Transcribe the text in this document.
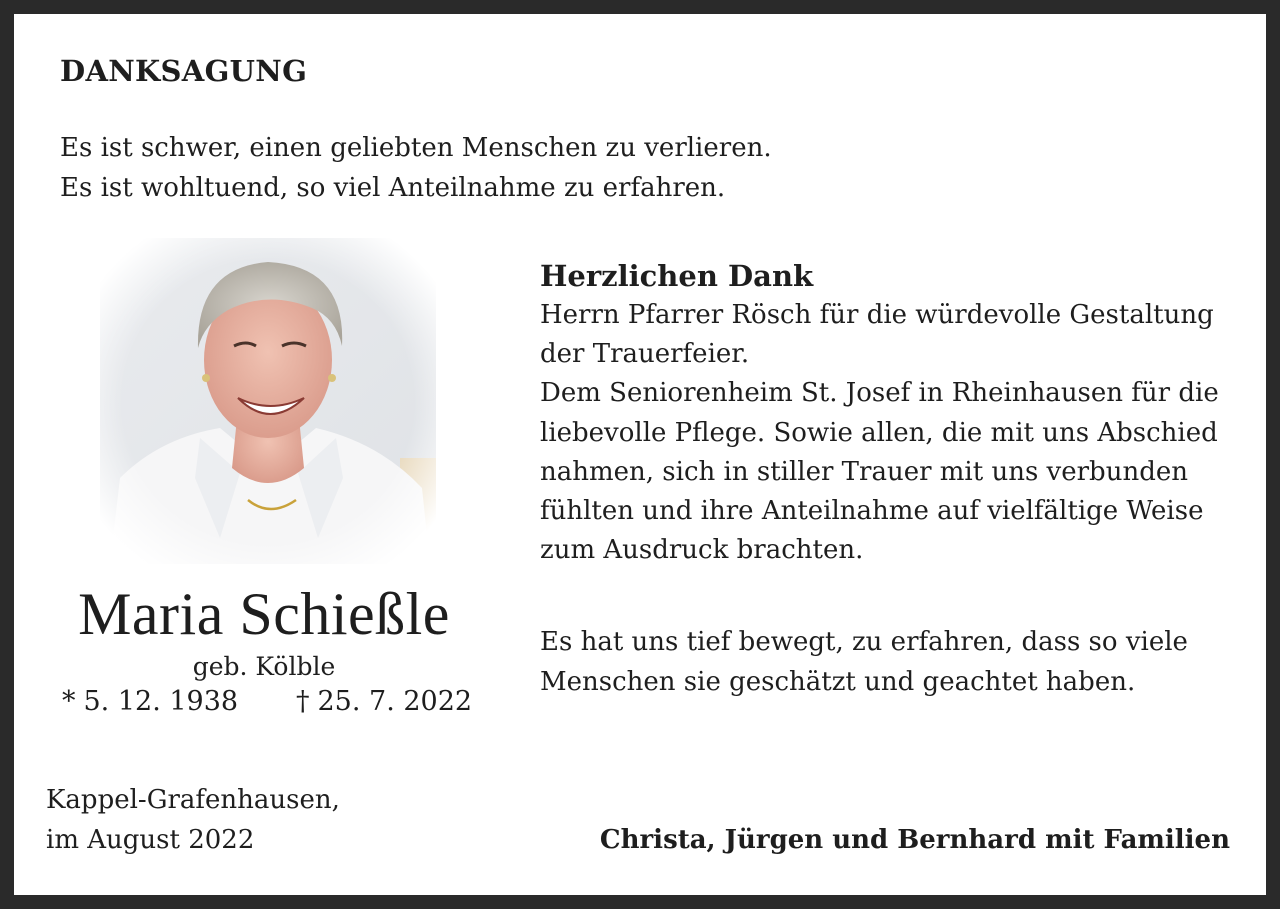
DANKSAGUNG
Es ist schwer, einen geliebten Menschen zu verlieren.
Es ist wohltuend, so viel Anteilnahme zu erfahren.
Maria Schießle
geb. Kölble
* 5. 12. 1938 † 25. 7. 2022
Herzlichen Dank
Herrn Pfarrer Rösch für die würdevolle Gestaltung
der Trauerfeier.
Dem Seniorenheim St. Josef in Rheinhausen für die
liebevolle Pflege. Sowie allen, die mit uns Abschied
nahmen, sich in stiller Trauer mit uns verbunden
fühlten und ihre Anteilnahme auf vielfältige Weise
zum Ausdruck brachten.
Es hat uns tief bewegt, zu erfahren, dass so viele
Menschen sie geschätzt und geachtet haben.
Kappel-Grafenhausen,
im August 2022	Christa, Jürgen und Bernhard mit Familien
